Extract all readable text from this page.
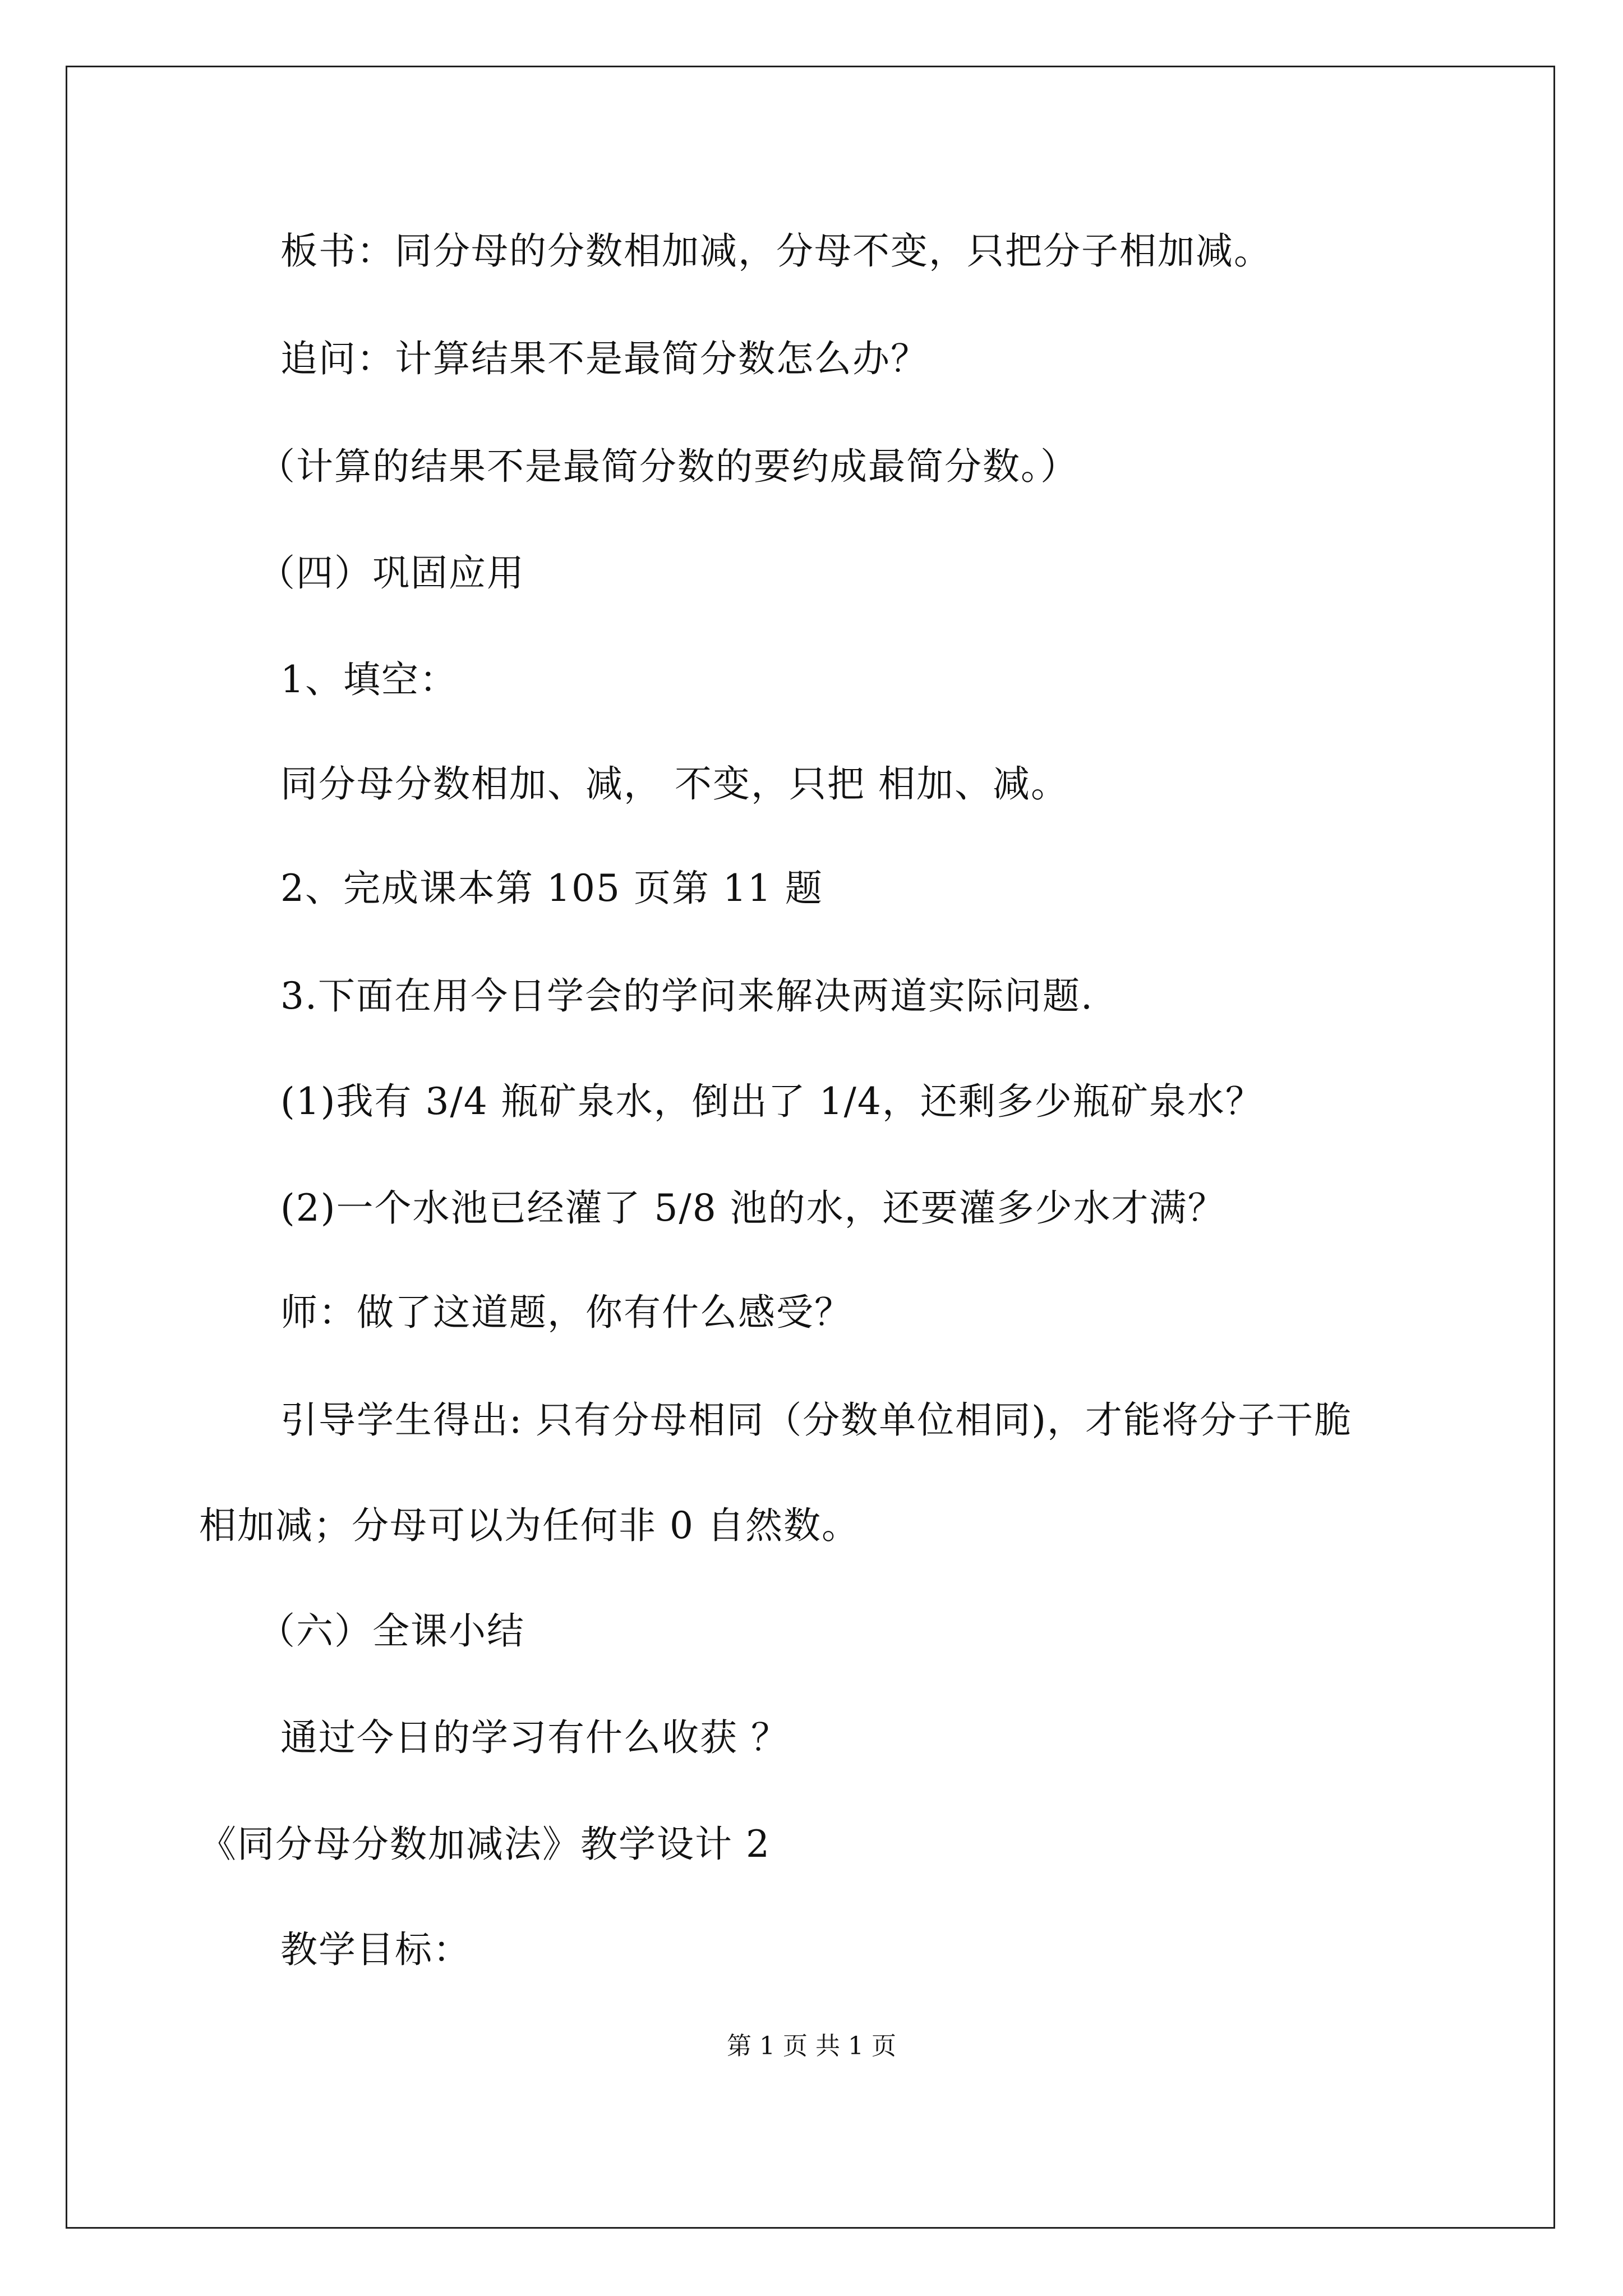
板书：同分母的分数相加减，分母不变，只把分子相加减。
追问：计算结果不是最简分数怎么办？
（计算的结果不是最简分数的要约成最简分数。）
（四）巩固应用
1、填空：
同分母分数相加、减， 不变，只把 相加、减。
2、完成课本第 105 页第 11 题
3.下面在用今日学会的学问来解决两道实际问题.
(1)我有 3/4 瓶矿泉水，倒出了 1/4，还剩多少瓶矿泉水？
(2)一个水池已经灌了 5/8 池的水，还要灌多少水才满？
师：做了这道题，你有什么感受？
引导学生得出: 只有分母相同（分数单位相同)，才能将分子干脆
相加减；分母可以为任何非 0 自然数。
（六）全课小结
通过今日的学习有什么收获 ？
《同分母分数加减法》教学设计 2
教学目标：
第 1 页 共 1 页
